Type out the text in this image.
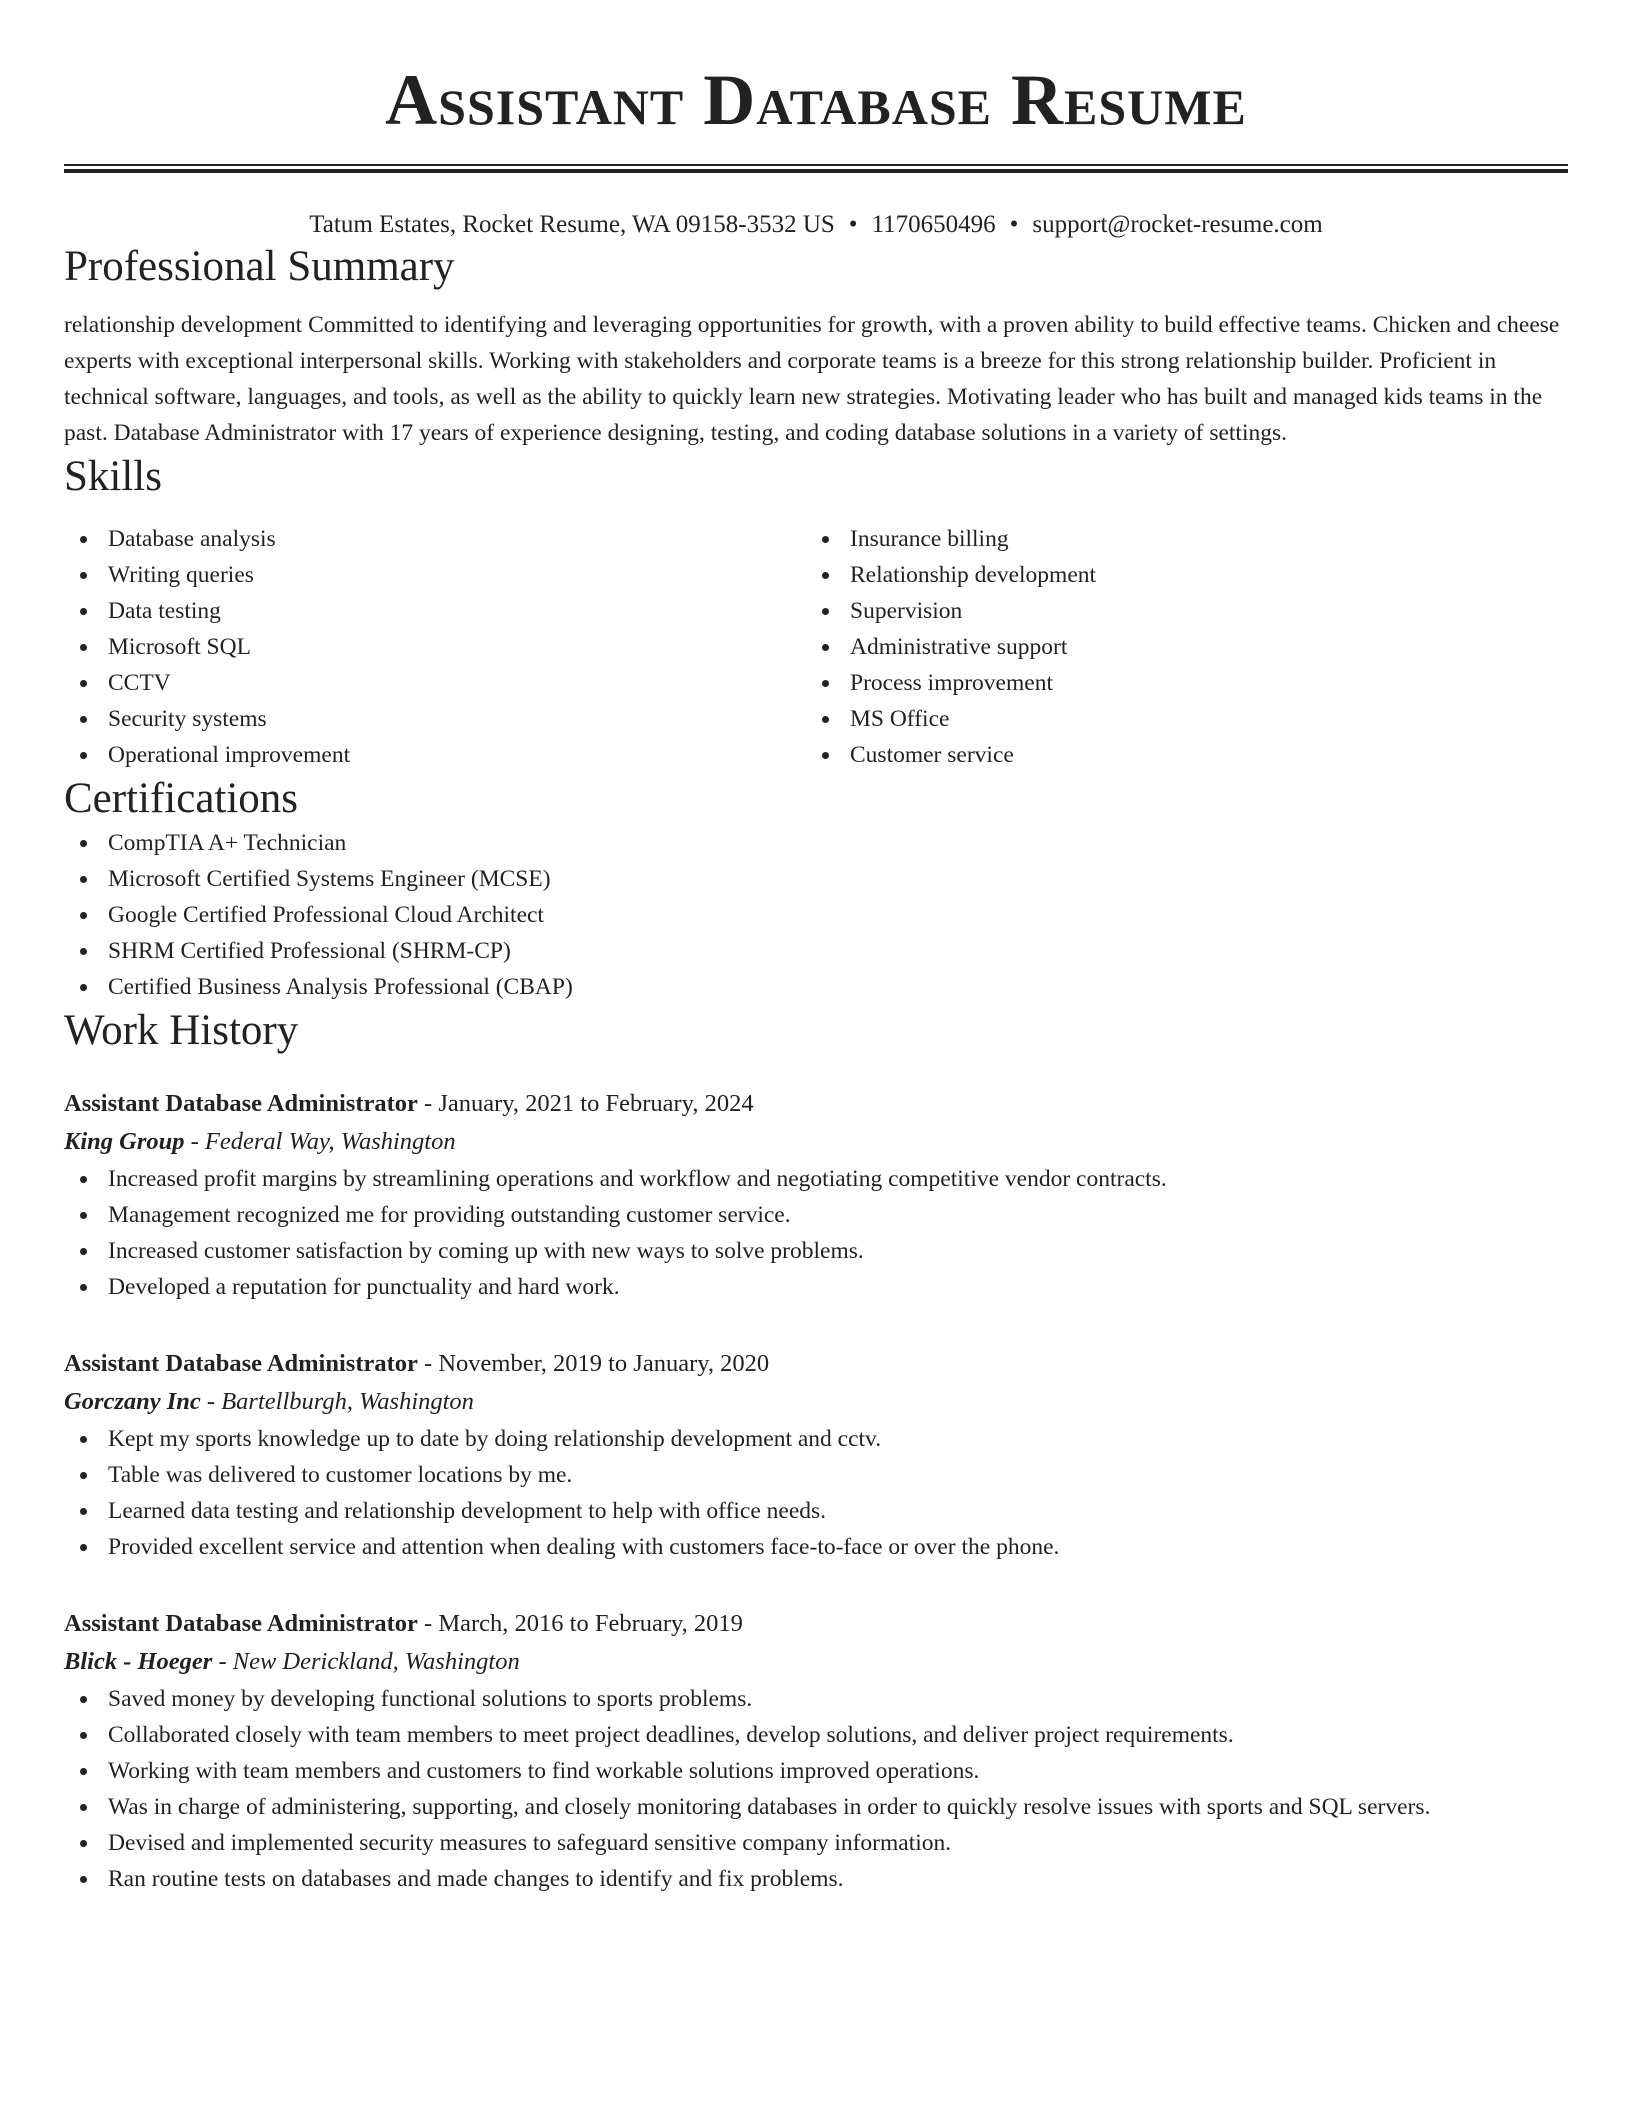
Assistant Database Resume
Tatum Estates, Rocket Resume, WA 09158-3532 US • 1170650496 • support@rocket-resume.com
Professional Summary

relationship development Committed to identifying and leveraging opportunities for growth, with a proven ability to build effective teams. Chicken and cheese experts with exceptional interpersonal skills. Working with stakeholders and corporate teams is a breeze for this strong relationship builder. Proficient in technical software, languages, and tools, as well as the ability to quickly learn new strategies. Motivating leader who has built and managed kids teams in the past. Database Administrator with 17 years of experience designing, testing, and coding database solutions in a variety of settings.

Skills
Database analysis
Writing queries
Data testing
Microsoft SQL
CCTV
Security systems
Operational improvement
Insurance billing
Relationship development
Supervision
Administrative support
Process improvement
MS Office
Customer service
Certifications
CompTIA A+ Technician
Microsoft Certified Systems Engineer (MCSE)
Google Certified Professional Cloud Architect
SHRM Certified Professional (SHRM-CP)
Certified Business Analysis Professional (CBAP)
Work History
Assistant Database Administrator - January, 2021 to February, 2024
King Group - Federal Way, Washington
Increased profit margins by streamlining operations and workflow and negotiating competitive vendor contracts.
Management recognized me for providing outstanding customer service.
Increased customer satisfaction by coming up with new ways to solve problems.
Developed a reputation for punctuality and hard work.
Assistant Database Administrator - November, 2019 to January, 2020
Gorczany Inc - Bartellburgh, Washington
Kept my sports knowledge up to date by doing relationship development and cctv.
Table was delivered to customer locations by me.
Learned data testing and relationship development to help with office needs.
Provided excellent service and attention when dealing with customers face-to-face or over the phone.
Assistant Database Administrator - March, 2016 to February, 2019
Blick - Hoeger - New Derickland, Washington
Saved money by developing functional solutions to sports problems.
Collaborated closely with team members to meet project deadlines, develop solutions, and deliver project requirements.
Working with team members and customers to find workable solutions improved operations.
Was in charge of administering, supporting, and closely monitoring databases in order to quickly resolve issues with sports and SQL servers.
Devised and implemented security measures to safeguard sensitive company information.
Ran routine tests on databases and made changes to identify and fix problems.
